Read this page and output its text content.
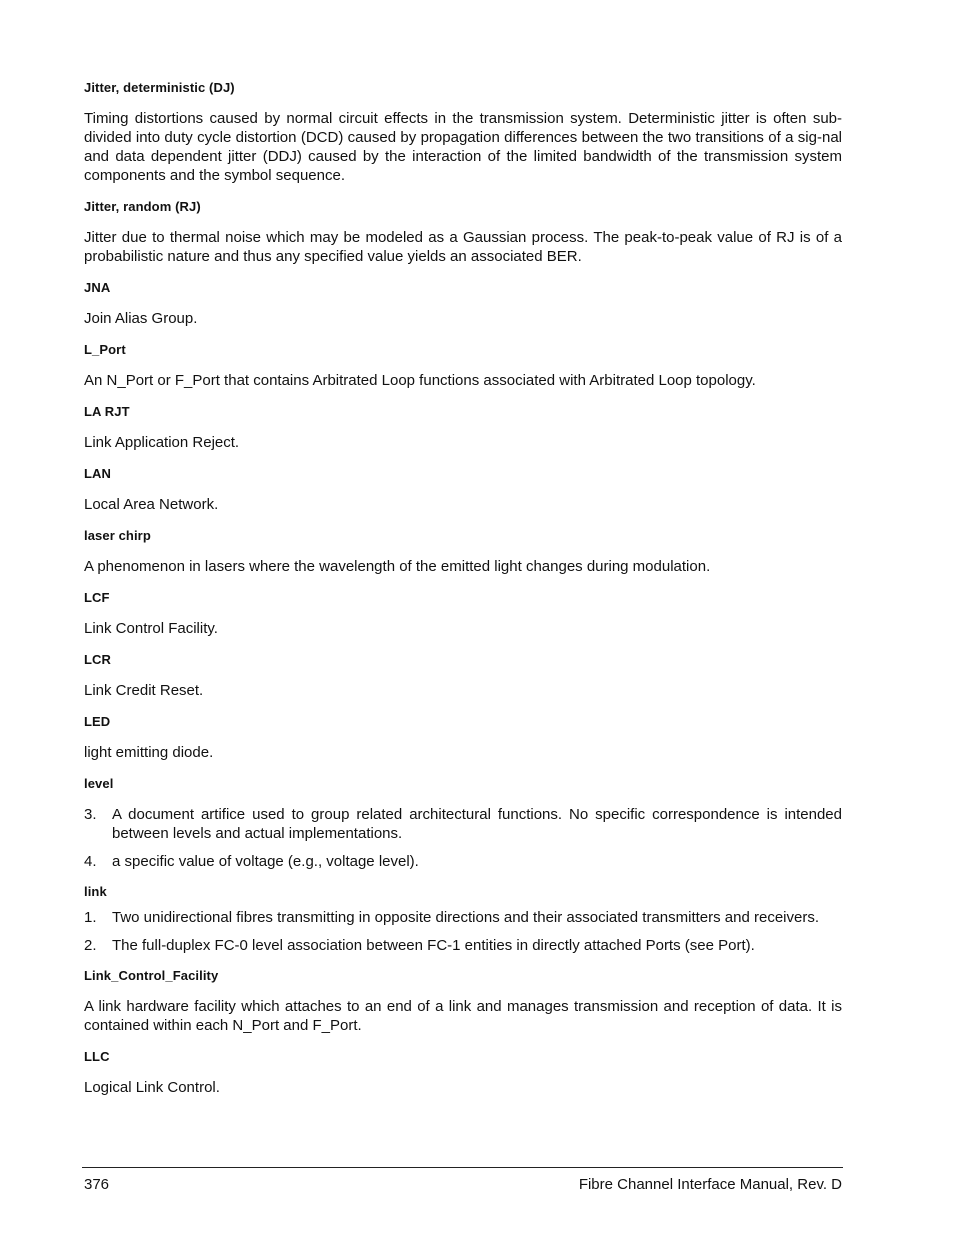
Jitter, deterministic (DJ)

Timing distortions caused by normal circuit effects in the transmission system. Deterministic jitter is often sub-divided into duty cycle distortion (DCD) caused by propagation differences between the two transitions of a sig-nal and data dependent jitter (DDJ) caused by the interaction of the limited bandwidth of the transmission system components and the symbol sequence.

Jitter, random (RJ)

Jitter due to thermal noise which may be modeled as a Gaussian process. The peak-to-peak value of RJ is of a probabilistic nature and thus any specified value yields an associated BER.

JNA

Join Alias Group.

L_Port

An N_Port or F_Port that contains Arbitrated Loop functions associated with Arbitrated Loop topology.

LA RJT

Link Application Reject.

LAN

Local Area Network.

laser chirp

A phenomenon in lasers where the wavelength of the emitted light changes during modulation.

LCF

Link Control Facility.

LCR

Link Credit Reset.

LED

light emitting diode.

level

3. A document artifice used to group related architectural functions. No specific correspondence is intended between levels and actual implementations.
4. a specific value of voltage (e.g., voltage level).

link

1. Two unidirectional fibres transmitting in opposite directions and their associated transmitters and receivers.
2. The full-duplex FC-0 level association between FC-1 entities in directly attached Ports (see Port).

Link_Control_Facility

A link hardware facility which attaches to an end of a link and manages transmission and reception of data. It is contained within each N_Port and F_Port.

LLC

Logical Link Control.

376	Fibre Channel Interface Manual, Rev. D
